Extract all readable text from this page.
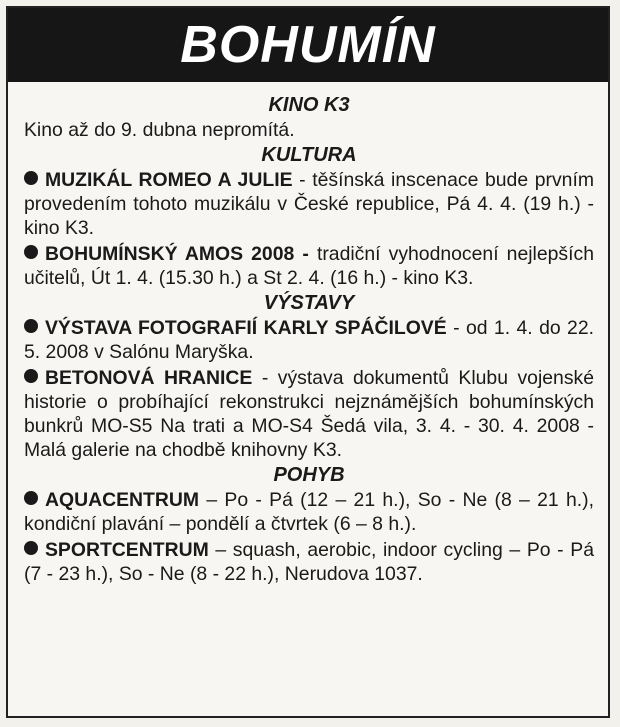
BOHUMÍN
KINO K3

Kino až do 9. dubna nepromítá.

KULTURA

MUZIKÁL ROMEO A JULIE - těšínská inscenace bude prvním provedením tohoto muzikálu v České republice, Pá 4. 4. (19 h.) - kino K3.

BOHUMÍNSKÝ AMOS 2008 - tradiční vyhodnocení nejlepších učitelů, Út 1. 4. (15.30 h.) a St 2. 4. (16 h.) - kino K3.

VÝSTAVY

VÝSTAVA FOTOGRAFIÍ KARLY SPÁČILOVÉ - od 1. 4. do 22. 5. 2008 v Salónu Maryška.

BETONOVÁ HRANICE - výstava dokumentů Klubu vojenské historie o probíhající rekonstrukci nejznámějších bohumínských bunkrů MO-S5 Na trati a MO-S4 Šedá vila, 3. 4. - 30. 4. 2008 - Malá galerie na chodbě knihovny K3.

POHYB

AQUACENTRUM – Po - Pá (12 – 21 h.), So - Ne (8 – 21 h.), kondiční plavání – pondělí a čtvrtek (6 – 8 h.).

SPORTCENTRUM – squash, aerobic, indoor cycling – Po - Pá (7 - 23 h.), So - Ne (8 - 22 h.), Nerudova 1037.
